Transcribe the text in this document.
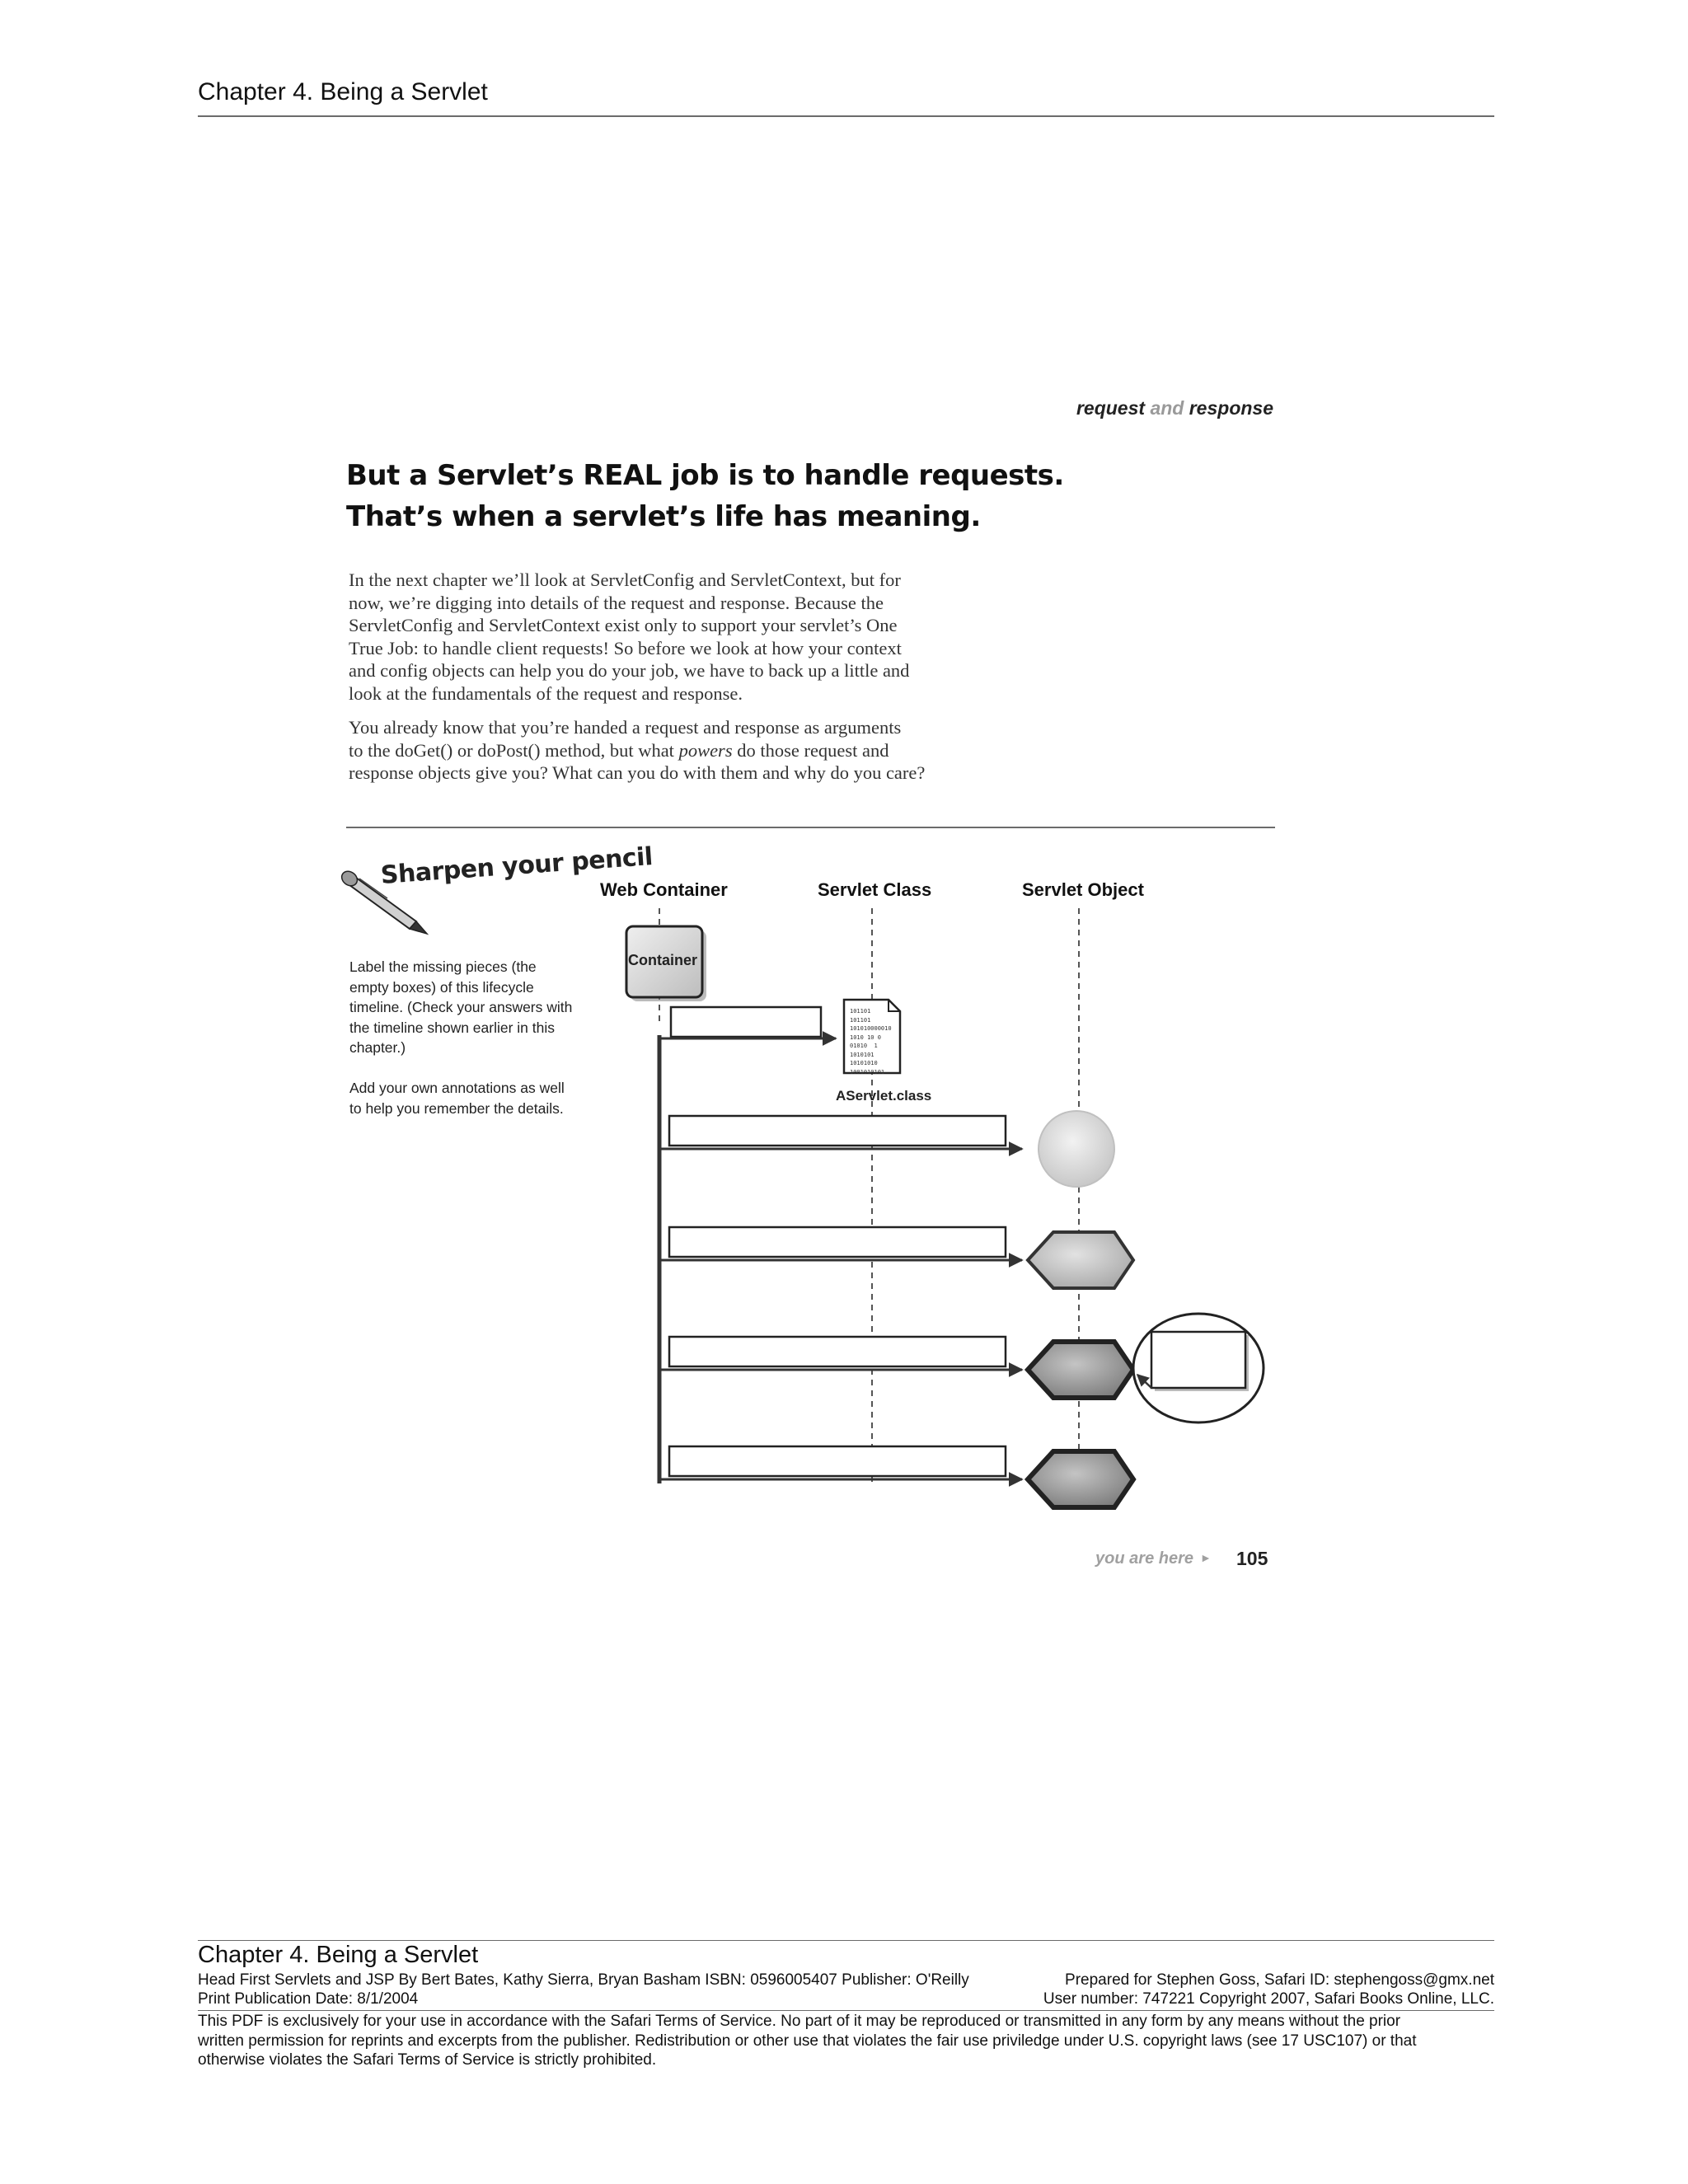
Chapter 4. Being a Servlet
request and response
But a Servlet’s REAL job is to handle requests.
That’s when a servlet’s life has meaning.
In the next chapter we’ll look at ServletConfig and ServletContext, but for
now, we’re digging into details of the request and response. Because the
ServletConfig and ServletContext exist only to support your servlet’s One
True Job: to handle client requests! So before we look at how your context
and config objects can help you do your job, we have to back up a little and
look at the fundamentals of the request and response.
You already know that you’re handed a request and response as arguments
to the doGet() or doPost() method, but what powers do those request and
response objects give you? What can you do with them and why do you care?
Sharpen your pencil
Label the missing pieces (the
empty boxes) of this lifecycle
timeline. (Check your answers with
the timeline shown earlier in this
chapter.)
Add your own annotations as well
to help you remember the details.
Web Container	Servlet Class	Servlet Object
Container
AServlet.class
101101
101101
101010000010
1010 10 0
01010  1
1010101
10101010
1001010101
you are here ► 105
Chapter 4. Being a Servlet
Head First Servlets and JSP By Bert Bates, Kathy Sierra, Bryan Basham ISBN: 0596005407 Publisher: O'Reilly	Prepared for Stephen Goss, Safari ID: stephengoss@gmx.net
Print Publication Date: 8/1/2004	User number: 747221 Copyright 2007, Safari Books Online, LLC.
This PDF is exclusively for your use in accordance with the Safari Terms of Service. No part of it may be reproduced or transmitted in any form by any means without the prior
written permission for reprints and excerpts from the publisher. Redistribution or other use that violates the fair use priviledge under U.S. copyright laws (see 17 USC107) or that
otherwise violates the Safari Terms of Service is strictly prohibited.
